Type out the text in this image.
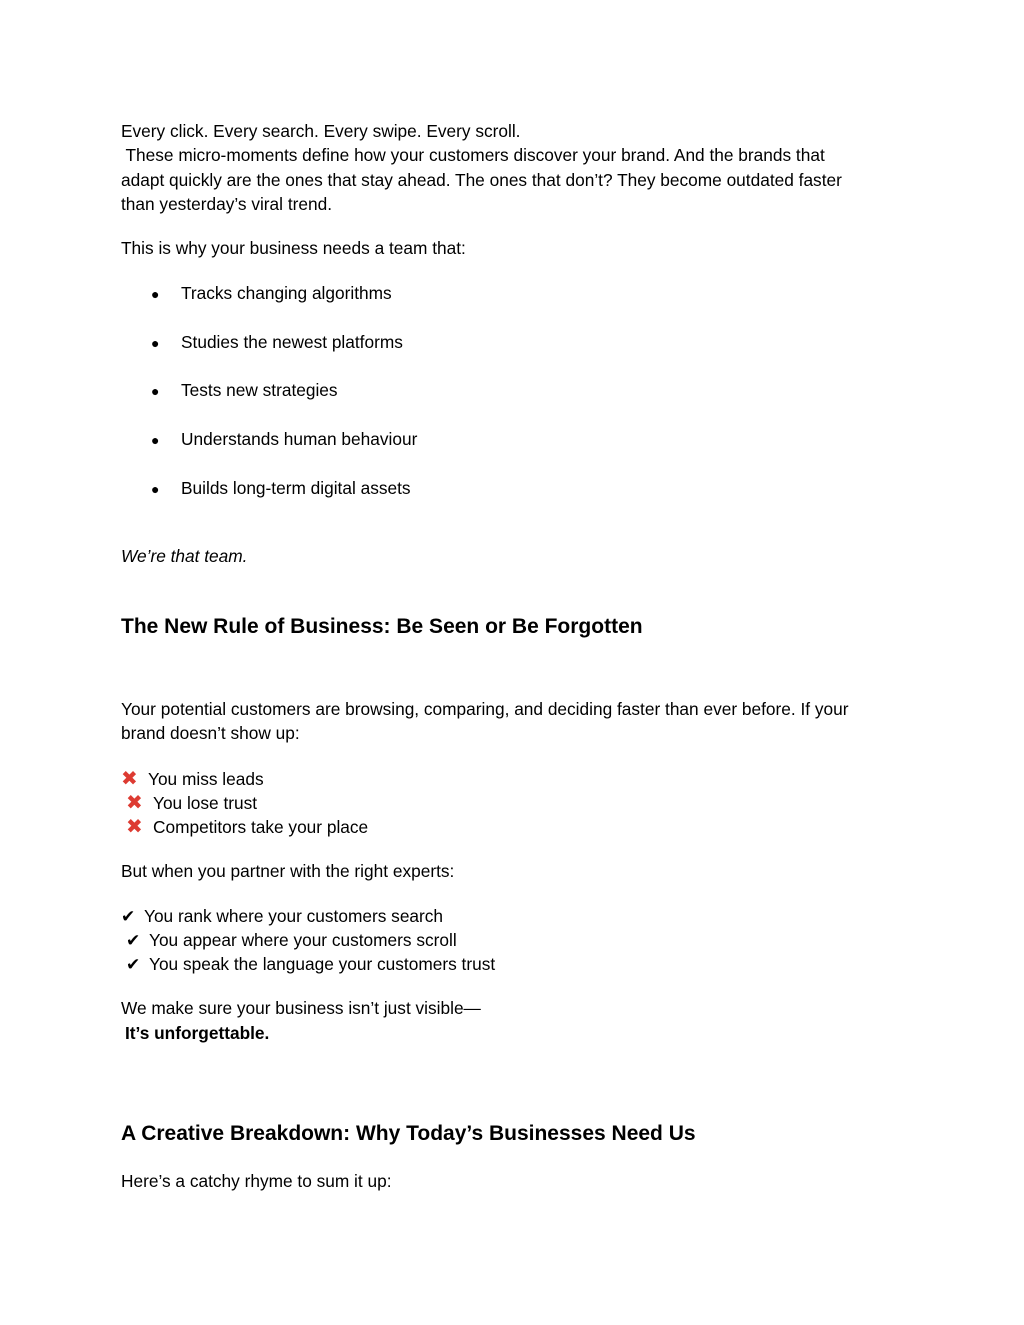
Every click. Every search. Every swipe. Every scroll.
These micro-moments define how your customers discover your brand. And the brands that
adapt quickly are the ones that stay ahead. The ones that don’t? They become outdated faster
than yesterday’s viral trend.
This is why your business needs a team that:
● Tracks changing algorithms
● Studies the newest platforms
● Tests new strategies
● Understands human behaviour
● Builds long-term digital assets
We’re that team.
The New Rule of Business: Be Seen or Be Forgotten
Your potential customers are browsing, comparing, and deciding faster than ever before. If your
brand doesn’t show up:
✖ You miss leads
✖ You lose trust
✖ Competitors take your place
But when you partner with the right experts:
✔ You rank where your customers search
✔ You appear where your customers scroll
✔ You speak the language your customers trust
We make sure your business isn’t just visible—
It’s unforgettable.
A Creative Breakdown: Why Today’s Businesses Need Us
Here’s a catchy rhyme to sum it up:
